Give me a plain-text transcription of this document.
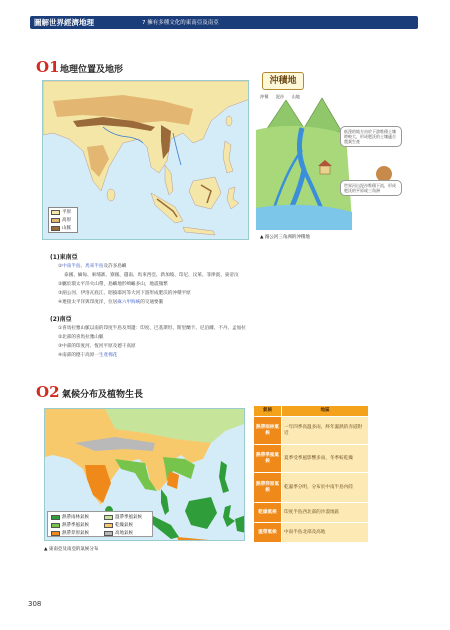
圖解世界經濟地理	7 擁有多種文化的東南亞及南亞
O1 地理位置及地形
平原
高原
山脈
沖積地
沖積 泥沙 山地
低漥的地方由於下游堆積土壤時較大，形成肥沃的土壤適合農業生產
世界河山泥沙堆積下流，形成肥沃的平原或三角洲
▲ 湄公河三角洲的沖積地
(1)東南亞
①中南半島、馬來半島及許多島嶼
泰國、緬甸、柬埔寨、寮國、越南、馬來西亞、新加坡、印尼、汶萊、菲律賓、東帝汶
②屬於環太平洋火山帶，島嶼地形崎嶇多山，地震頻繁
③湄公河、伊洛瓦底江、昭披耶河等大河下游形成肥沃的沖積平原
④連接太平洋與印度洋，位居麻六甲海峽的交通要衝
(2)南亞
①喜馬拉雅山脈以南的印度半島及周邊：印度、巴基斯坦、斯里蘭卡、尼泊爾、不丹、孟加拉
②北部的喜馬拉雅山脈
③中部的印度河、恆河平原及德干高原
④南部的德干高原一生產棉花
O2 氣候分布及植物生長
熱帶雨林氣候
熱帶季風氣候
熱帶莽原氣候
溫帶季風氣候
乾燥氣候
高地氣候
▲ 東南亞及南亞的氣候分布
氣候	地區
熱帶雨林氣候	一年四季高溫多雨，終年濕熱的赤道附近
熱帶季風氣候	夏季受季風影響多雨，冬季較乾燥
熱帶莽原氣候	乾濕季分明，分布於中南半島內陸
乾燥氣候	印度半島西北部的沙漠地區
溫帶氣候	中南半島北部及高地
308
